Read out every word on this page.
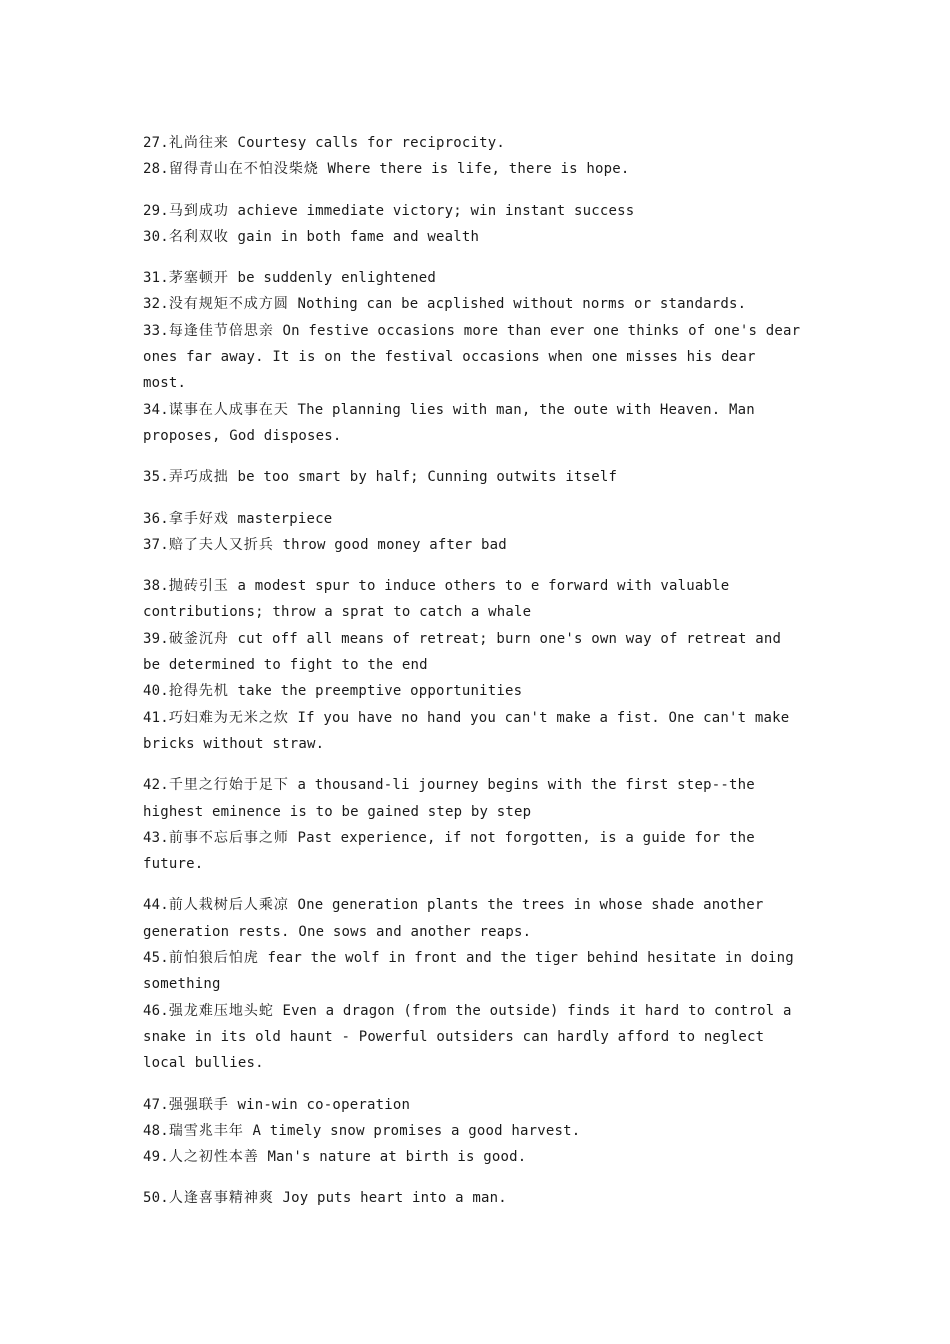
27.礼尚往来 Courtesy calls for reciprocity.

28.留得青山在不怕没柴烧 Where there is life, there is hope.

29.马到成功 achieve immediate victory; win instant success

30.名利双收 gain in both fame and wealth

31.茅塞顿开 be suddenly enlightened

32.没有规矩不成方圆 Nothing can be acplished without norms or standards.

33.每逢佳节倍思亲 On festive occasions more than ever one thinks of one's dear ones far away. It is on the festival occasions when one misses his dear most.

34.谋事在人成事在天 The planning lies with man, the oute with Heaven. Man proposes, God disposes.

35.弄巧成拙 be too smart by half; Cunning outwits itself

36.拿手好戏 masterpiece

37.赔了夫人又折兵 throw good money after bad

38.抛砖引玉 a modest spur to induce others to e forward with valuable contributions; throw a sprat to catch a whale

39.破釜沉舟 cut off all means of retreat; burn one's own way of retreat and be determined to fight to the end

40.抢得先机 take the preemptive opportunities

41.巧妇难为无米之炊 If you have no hand you can't make a fist. One can't make bricks without straw.

42.千里之行始于足下 a thousand-li journey begins with the first step--the highest eminence is to be gained step by step

43.前事不忘后事之师 Past experience, if not forgotten, is a guide for the future.

44.前人栽树后人乘凉 One generation plants the trees in whose shade another generation rests. One sows and another reaps.

45.前怕狼后怕虎 fear the wolf in front and the tiger behind hesitate in doing something

46.强龙难压地头蛇 Even a dragon (from the outside) finds it hard to control a snake in its old haunt - Powerful outsiders can hardly afford to neglect local bullies.

47.强强联手 win-win co-operation

48.瑞雪兆丰年 A timely snow promises a good harvest.

49.人之初性本善 Man's nature at birth is good.

50.人逢喜事精神爽 Joy puts heart into a man.
